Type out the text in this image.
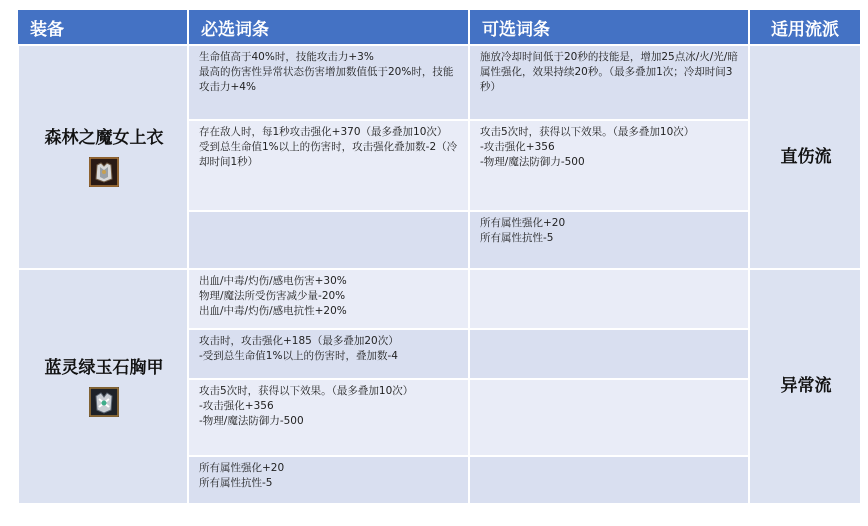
装备	必选词条	可选词条	适用流派

森林之魔女上衣	生命值高于40%时，技能攻击力+3%
最高的伤害性异常状态伤害增加数值低于20%时，技能攻击力+4%	施放冷却时间低于20秒的技能是，增加25点冰/火/光/暗属性强化，效果持续20秒。（最多叠加1次；冷却时间3秒）	直伤流
	存在敌人时，每1秒攻击强化+370（最多叠加10次）
受到总生命值1%以上的伤害时，攻击强化叠加数-2（冷却时间1秒）	攻击5次时，获得以下效果。（最多叠加10次）
-攻击强化+356
-物理/魔法防御力-500	
		所有属性强化+20
所有属性抗性-5	

蓝灵绿玉石胸甲	出血/中毒/灼伤/感电伤害+30%
物理/魔法所受伤害减少量-20%
出血/中毒/灼伤/感电抗性+20%		异常流
	攻击时，攻击强化+185（最多叠加20次）
-受到总生命值1%以上的伤害时，叠加数-4		
	攻击5次时，获得以下效果。（最多叠加10次）
-攻击强化+356
-物理/魔法防御力-500		
	所有属性强化+20
所有属性抗性-5		
